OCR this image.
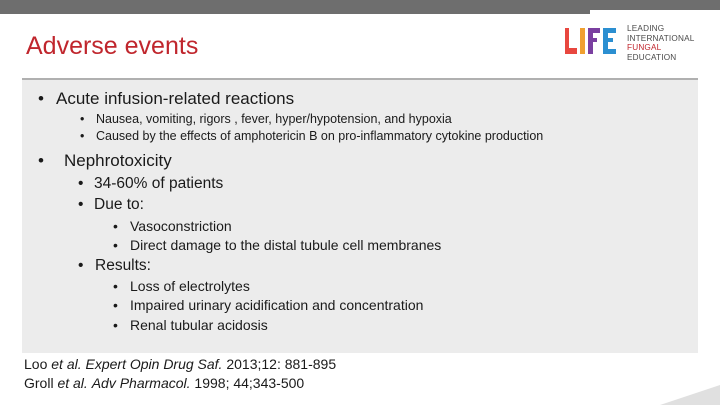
Adverse events
LEADING
INTERNATIONAL
FUNGAL
EDUCATION
• Acute infusion-related reactions
• Nausea, vomiting, rigors , fever, hyper/hypotension, and hypoxia
• Caused by the effects of amphotericin B on pro-inflammatory cytokine production
• Nephrotoxicity
• 34-60% of patients
• Due to:
• Vasoconstriction
• Direct damage to the distal tubule cell membranes
• Results:
• Loss of electrolytes
• Impaired urinary acidification and concentration
• Renal tubular acidosis
Loo et al. Expert Opin Drug Saf. 2013;12: 881-895
Groll et al. Adv Pharmacol. 1998; 44;343-500
